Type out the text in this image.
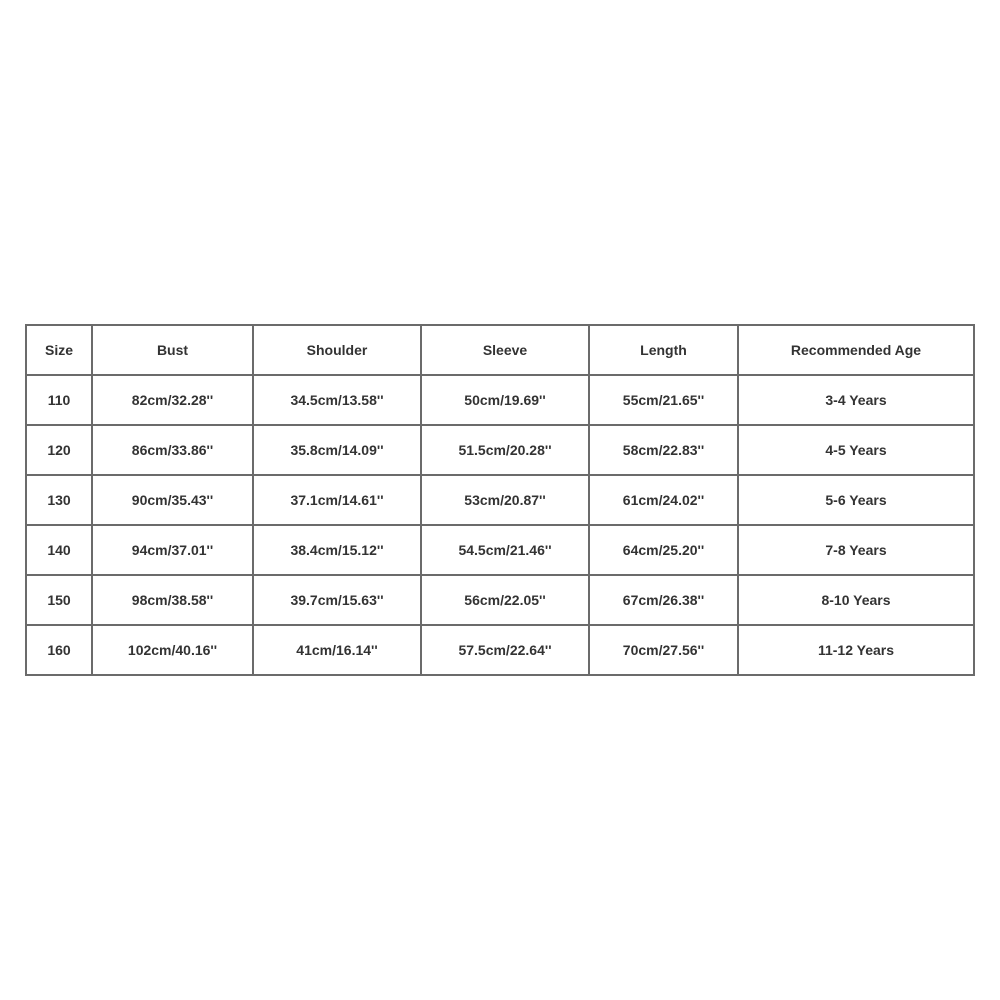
Size	Bust	Shoulder	Sleeve	Length	Recommended Age
110	82cm/32.28''	34.5cm/13.58''	50cm/19.69''	55cm/21.65''	3-4 Years
120	86cm/33.86''	35.8cm/14.09''	51.5cm/20.28''	58cm/22.83''	4-5 Years
130	90cm/35.43''	37.1cm/14.61''	53cm/20.87''	61cm/24.02''	5-6 Years
140	94cm/37.01''	38.4cm/15.12''	54.5cm/21.46''	64cm/25.20''	7-8 Years
150	98cm/38.58''	39.7cm/15.63''	56cm/22.05''	67cm/26.38''	8-10 Years
160	102cm/40.16''	41cm/16.14''	57.5cm/22.64''	70cm/27.56''	11-12 Years
